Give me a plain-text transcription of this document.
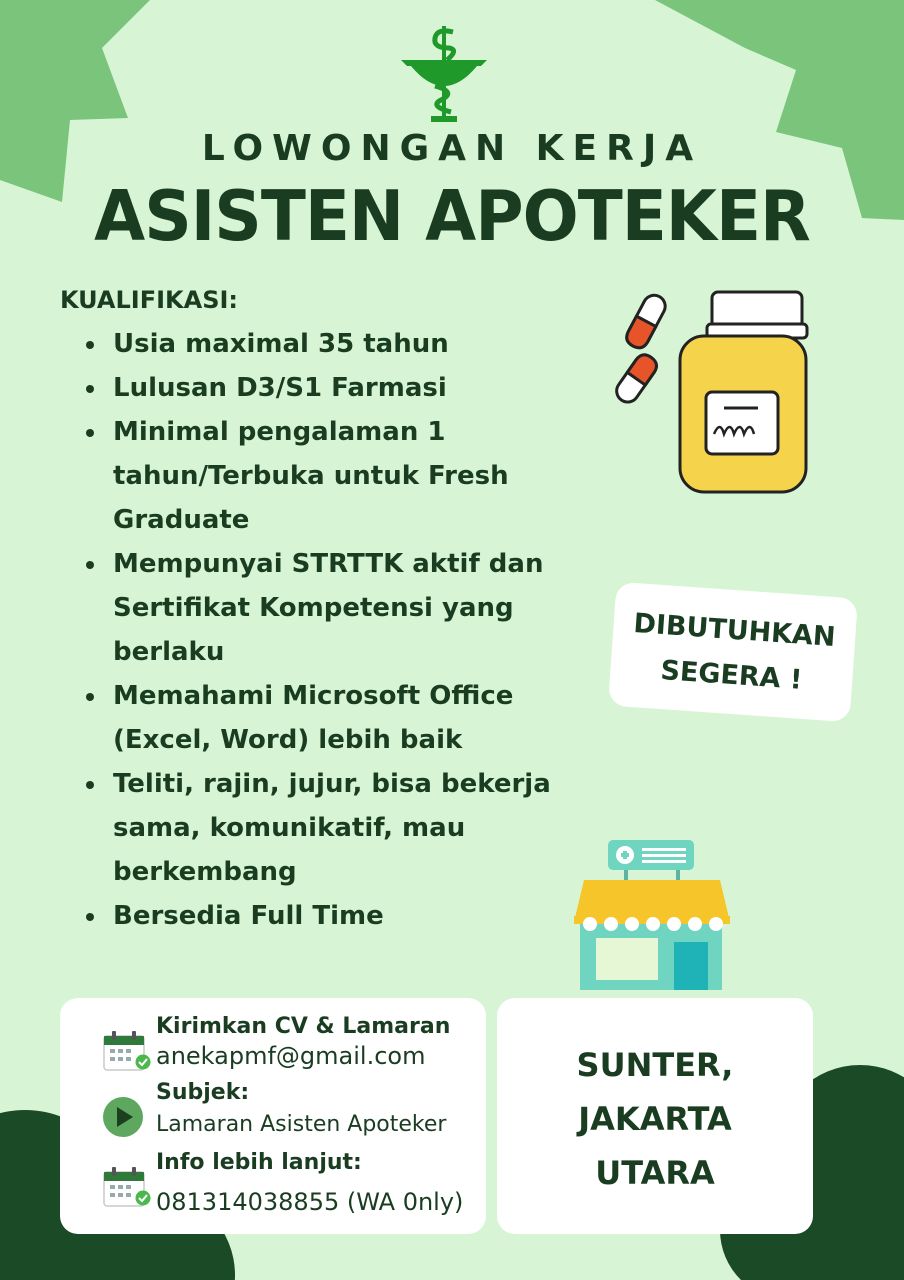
LOWONGAN KERJA
ASISTEN APOTEKER
KUALIFIKASI:
Usia maximal 35 tahun
Lulusan D3/S1 Farmasi
Minimal pengalaman 1 tahun/Terbuka untuk Fresh Graduate
Mempunyai STRTTK aktif dan Sertifikat Kompetensi yang berlaku
Memahami Microsoft Office (Excel, Word) lebih baik
Teliti, rajin, jujur, bisa bekerja sama, komunikatif, mau berkembang
Bersedia Full Time
DIBUTUHKAN
SEGERA !
Kirimkan CV & Lamaran
anekapmf@gmail.com
Subjek:
Lamaran Asisten Apoteker
Info lebih lanjut:
081314038855 (WA 0nly)
SUNTER,
JAKARTA
UTARA
